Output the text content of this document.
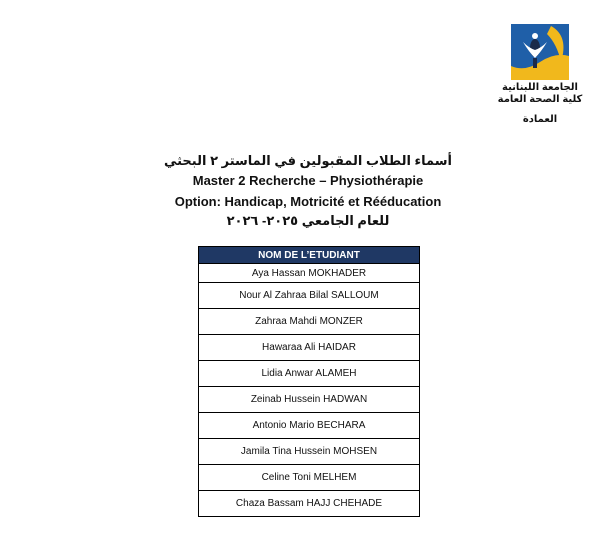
الجامعة اللبنانية
كلية الصحة العامة
العمادة
أسماء الطلاب المقبولين في الماستر ٢ البحثي
Master 2 Recherche – Physiothérapie
Option: Handicap, Motricité et Rééducation
للعام الجامعي ٢٠٢٥- ٢٠٢٦
NOM DE L’ETUDIANT
Aya Hassan MOKHADER
Nour Al Zahraa Bilal SALLOUM
Zahraa Mahdi MONZER
Hawaraa Ali HAIDAR
Lidia Anwar ALAMEH
Zeinab Hussein HADWAN
Antonio Mario BECHARA
Jamila Tina Hussein MOHSEN
Celine Toni MELHEM
Chaza Bassam HAJJ CHEHADE
